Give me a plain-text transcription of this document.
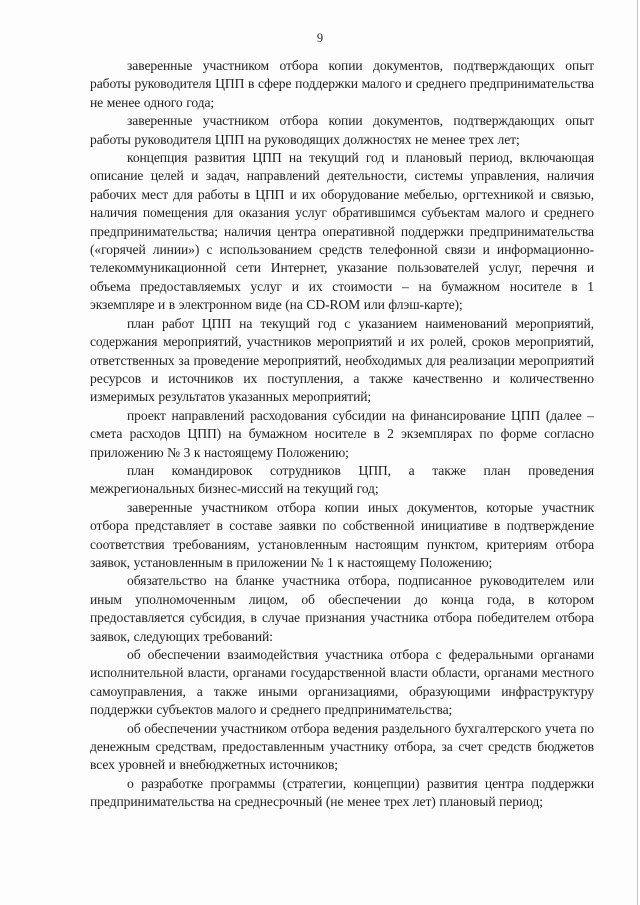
9

заверенные участником отбора копии документов, подтверждающих опыт работы руководителя ЦПП в сфере поддержки малого и среднего предпринимательства не менее одного года;

заверенные участником отбора копии документов, подтверждающих опыт работы руководителя ЦПП на руководящих должностях не менее трех лет;

концепция развития ЦПП на текущий год и плановый период, включающая описание целей и задач, направлений деятельности, системы управления, наличия рабочих мест для работы в ЦПП и их оборудование мебелью, оргтехникой и связью, наличия помещения для оказания услуг обратившимся субъектам малого и среднего предпринимательства; наличия центра оперативной поддержки предпринимательства («горячей линии») с использованием средств телефонной связи и информационно-телекоммуникационной сети Интернет, указание пользователей услуг, перечня и объема предоставляемых услуг и их стоимости – на бумажном носителе в 1 экземпляре и в электронном виде (на CD-ROM или флэш-карте);

план работ ЦПП на текущий год с указанием наименований мероприятий, содержания мероприятий, участников мероприятий и их ролей, сроков мероприятий, ответственных за проведение мероприятий, необходимых для реализации мероприятий ресурсов и источников их поступления, а также качественно и количественно измеримых результатов указанных мероприятий;

проект направлений расходования субсидии на финансирование ЦПП (далее – смета расходов ЦПП) на бумажном носителе в 2 экземплярах по форме согласно приложению № 3 к настоящему Положению;

план командировок сотрудников ЦПП, а также план проведения межрегиональных бизнес-миссий на текущий год;

заверенные участником отбора копии иных документов, которые участник отбора представляет в составе заявки по собственной инициативе в подтверждение соответствия требованиям, установленным настоящим пунктом, критериям отбора заявок, установленным в приложении № 1 к настоящему Положению;

обязательство на бланке участника отбора, подписанное руководителем или иным уполномоченным лицом, об обеспечении до конца года, в котором предоставляется субсидия, в случае признания участника отбора победителем отбора заявок, следующих требований:

об обеспечении взаимодействия участника отбора с федеральными органами исполнительной власти, органами государственной власти области, органами местного самоуправления, а также иными организациями, образующими инфраструктуру поддержки субъектов малого и среднего предпринимательства;

об обеспечении участником отбора ведения раздельного бухгалтерского учета по денежным средствам, предоставленным участнику отбора, за счет средств бюджетов всех уровней и внебюджетных источников;

о разработке программы (стратегии, концепции) развития центра поддержки предпринимательства на среднесрочный (не менее трех лет) плановый период;
